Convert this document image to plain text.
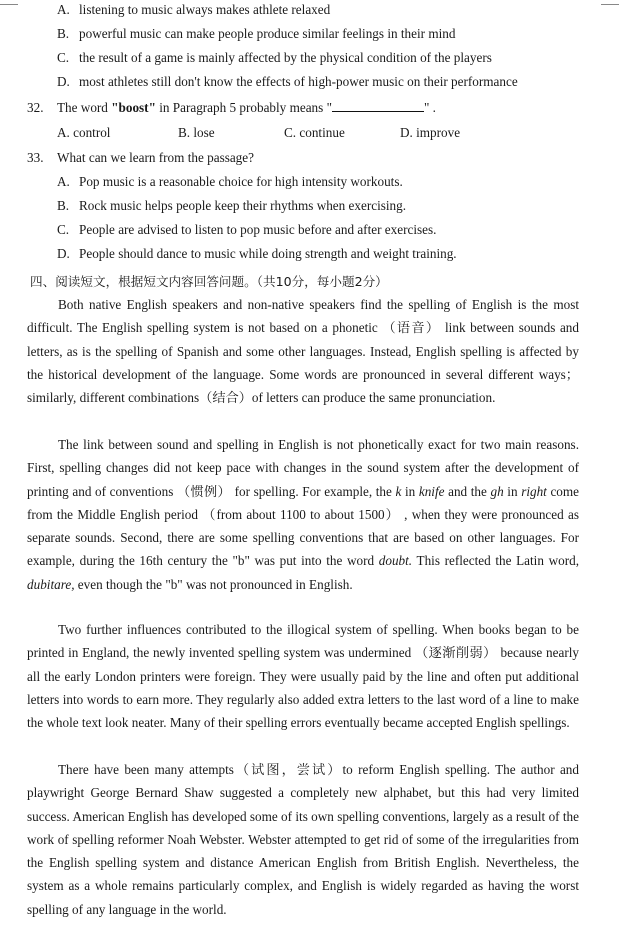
A. listening to music always makes athlete relaxed
B. powerful music can make people produce similar feelings in their mind
C. the result of a game is mainly affected by the physical condition of the players
D. most athletes still don't know the effects of high-power music on their performance
32. The word "boost" in Paragraph 5 probably means "	" .
A. control	B. lose	C. continue	D. improve
33. What can we learn from the passage?
A. Pop music is a reasonable choice for high intensity workouts.
B. Rock music helps people keep their rhythms when exercising.
C. People are advised to listen to pop music before and after exercises.
D. People should dance to music while doing strength and weight training.
四、阅读短文，根据短文内容回答问题。（共10分，每小题2分）

Both native English speakers and non-native speakers find the spelling of English is the most difficult. The English spelling system is not based on a phonetic （语音） link between sounds and letters, as is the spelling of Spanish and some other languages. Instead, English spelling is affected by the historical development of the language. Some words are pronounced in several different ways； similarly, different combinations（结合）of letters can produce the same pronunciation.

The link between sound and spelling in English is not phonetically exact for two main reasons. First, spelling changes did not keep pace with changes in the sound system after the development of printing and of conventions （惯例） for spelling. For example, the k in knife and the gh in right come from the Middle English period （from about 1100 to about 1500） , when they were pronounced as separate sounds. Second, there are some spelling conventions that are based on other languages. For example, during the 16th century the "b" was put into the word doubt. This reflected the Latin word, dubitare, even though the "b" was not pronounced in English.

Two further influences contributed to the illogical system of spelling. When books began to be printed in England, the newly invented spelling system was undermined （逐渐削弱） because nearly all the early London printers were foreign. They were usually paid by the line and often put additional letters into words to earn more. They regularly also added extra letters to the last word of a line to make the whole text look neater. Many of their spelling errors eventually became accepted English spellings.

There have been many attempts（试图，尝试）to reform English spelling. The author and playwright George Bernard Shaw suggested a completely new alphabet, but this had very limited success. American English has developed some of its own spelling conventions, largely as a result of the work of spelling reformer Noah Webster. Webster attempted to get rid of some of the irregularities from the English spelling system and distance American English from British English. Nevertheless, the system as a whole remains particularly complex, and English is widely regarded as having the worst spelling of any language in the world.
